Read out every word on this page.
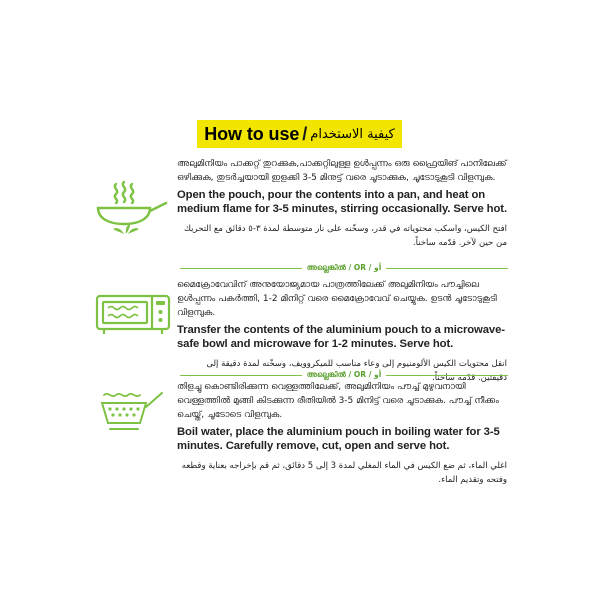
How to use / كيفية الاستخدام
അലുമിനിയം പാക്കറ്റ് തുറക്കുക,പാക്കറ്റിലുള്ള ഉൾപ്പന്നം ഒരു ഫ്രൈയിങ് പാനിലേക്ക് ഒഴിക്കുക, തുടർച്ചയായി ഇളക്കി 3-5 മിനുട്ട് വരെ ചൂടാക്കുക, ചൂടോടുകൂടി വിളമ്പുക.
Open the pouch, pour the contents into a pan, and heat on medium flame for 3-5 minutes, stirring occasionally. Serve hot.
افتح الكيس، واسكب محتوياته في قدر، وسخّنه على نار متوسطة لمدة ٣-٥ دقائق مع التحريك من حين لآخر. قدّمه ساخناً.
അല്ലെങ്കിൽ / OR / أو
മൈക്രോവേവിന് അനുയോജ്യമായ പാത്രത്തിലേക്ക് അലുമിനിയം പൗച്ചിലെ ഉൾപ്പന്നം പകർത്തി, 1-2 മിനിറ്റ് വരെ മൈക്രോവേവ് ചെയ്യുക. ഉടൻ ചൂടോടുകൂടി വിളമ്പുക.
Transfer the contents of the aluminium pouch to a microwave-safe bowl and microwave for 1-2 minutes. Serve hot.
انقل محتويات الكيس الألومنيوم إلى وعاء مناسب للميكروويف، وسخّنه لمدة دقيقة إلى دقيقتين. قدّمه ساخناً.
അല്ലെങ്കിൽ / OR / أو
തിളച്ചു കൊണ്ടിരിക്കുന്ന വെള്ളത്തിലേക്ക്, അലുമിനിയം പൗച്ച് മുഴുവനായി വെള്ളത്തിൽ മുങ്ങി കിടക്കുന്ന രീതിയിൽ 3-5 മിനിട്ട് വരെ ചൂടാക്കുക. പൗച്ച് നീക്കം ചെയ്ത്, ചൂടോടെ വിളമ്പുക.
Boil water, place the aluminium pouch in boiling water for 3-5 minutes. Carefully remove, cut, open and serve hot.
اغلي الماء، ثم ضع الكيس في الماء المغلي لمدة 3 إلى 5 دقائق، ثم قم بإخراجه بعناية وقطعه وفتحه وتقديم الماء.
